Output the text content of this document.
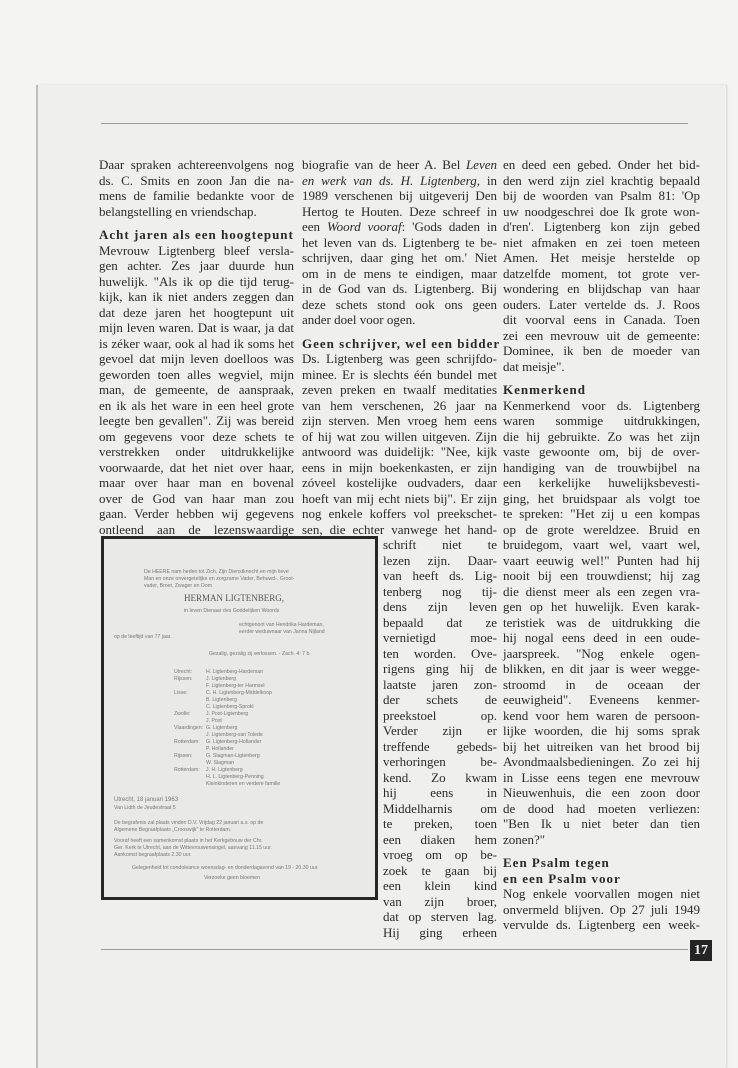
17
Daar spraken achtereenvolgens nog
ds. C. Smits en zoon Jan die na-
mens de familie bedankte voor de
belangstelling en vriendschap.
Acht jaren als een hoogtepunt
Mevrouw Ligtenberg bleef versla-
gen achter. Zes jaar duurde hun
huwelijk. "Als ik op die tijd terug-
kijk, kan ik niet anders zeggen dan
dat deze jaren het hoogtepunt uit
mijn leven waren. Dat is waar, ja dat
is zéker waar, ook al had ik soms het
gevoel dat mijn leven doelloos was
geworden toen alles wegviel, mijn
man, de gemeente, de aanspraak,
en ik als het ware in een heel grote
leegte ben gevallen". Zij was bereid
om gegevens voor deze schets te
verstrekken onder uitdrukkelijke
voorwaarde, dat het niet over haar,
maar over haar man en bovenal
over de God van haar man zou
gaan. Verder hebben wij gegevens
ontleend aan de lezenswaardige
biografie van de heer A. Bel Leven
en werk van ds. H. Ligtenberg, in
1989 verschenen bij uitgeverij Den
Hertog te Houten. Deze schreef in
een Woord vooraf: 'Gods daden in
het leven van ds. Ligtenberg te be-
schrijven, daar ging het om.' Niet
om in de mens te eindigen, maar
in de God van ds. Ligtenberg. Bij
deze schets stond ook ons geen
ander doel voor ogen.
Geen schrijver, wel een bidder
Ds. Ligtenberg was geen schrijfdo-
minee. Er is slechts één bundel met
zeven preken en twaalf meditaties
van hem verschenen, 26 jaar na
zijn sterven. Men vroeg hem eens
of hij wat zou willen uitgeven. Zijn
antwoord was duidelijk: "Nee, kijk
eens in mijn boekenkasten, er zijn
zóveel kostelijke oudvaders, daar
hoeft van mij echt niets bij". Er zijn
nog enkele koffers vol preekschet-
sen, die echter vanwege het hand-
schrift niet te
lezen zijn. Daar-
van heeft ds. Lig-
tenberg nog tij-
dens zijn leven
bepaald dat ze
vernietigd moe-
ten worden. Ove-
rigens ging hij de
laatste jaren zon-
der schets de
preekstoel op.
Verder zijn er
treffende gebeds-
verhoringen be-
kend. Zo kwam
hij eens in
Middelharnis om
te preken, toen
een diaken hem
vroeg om op be-
zoek te gaan bij
een klein kind
van zijn broer,
dat op sterven lag.
Hij ging erheen
en deed een gebed. Onder het bid-
den werd zijn ziel krachtig bepaald
bij de woorden van Psalm 81: 'Op
uw noodgeschrei doe Ik grote won-
d'ren'. Ligtenberg kon zijn gebed
niet afmaken en zei toen meteen
Amen. Het meisje herstelde op
datzelfde moment, tot grote ver-
wondering en blijdschap van haar
ouders. Later vertelde ds. J. Roos
dit voorval eens in Canada. Toen
zei een mevrouw uit de gemeente:
Dominee, ik ben de moeder van
dat meisje".
Kenmerkend
Kenmerkend voor ds. Ligtenberg
waren sommige uitdrukkingen,
die hij gebruikte. Zo was het zijn
vaste gewoonte om, bij de over-
handiging van de trouwbijbel na
een kerkelijke huwelijksbevesti-
ging, het bruidspaar als volgt toe
te spreken: "Het zij u een kompas
op de grote wereldzee. Bruid en
bruidegom, vaart wel, vaart wel,
vaart eeuwig wel!" Punten had hij
nooit bij een trouwdienst; hij zag
die dienst meer als een zegen vra-
gen op het huwelijk. Even karak-
teristiek was de uitdrukking die
hij nogal eens deed in een oude-
jaarspreek. "Nog enkele ogen-
blikken, en dit jaar is weer wegge-
stroomd in de oceaan der
eeuwigheid". Eveneens kenmer-
kend voor hem waren de persoon-
lijke woorden, die hij soms sprak
bij het uitreiken van het brood bij
Avondmaalsbedieningen. Zo zei hij
in Lisse eens tegen ene mevrouw
Nieuwenhuis, die een zoon door
de dood had moeten verliezen:
"Ben Ik u niet beter dan tien
zonen?"
Een Psalm tegen
en een Psalm voor
Nog enkele voorvallen mogen niet
onvermeld blijven. Op 27 juli 1949
vervulde ds. Ligtenberg een week-
De HEERE nam heden tot Zich, Zijn Dienstknecht en mijn lieve
Man en onze onvergetelijke en zorgzame Vader, Behuwd-, Groot-
vader, Broer, Zwager en Oom
HERMAN LIGTENBERG,
in leven Dienaar des Goddelijken Woords
echtgenoot van Hendrika Hardeman,
eerder weduwnaar van Janna Nijland
op de leeftijd van 77 jaar.
Gezalig, gezalig zij verlossen. - Zach. 4: 7 b.
Utrecht:	H. Ligtenberg-Hardeman
Rijssen:	J. Ligtenberg
F. Ligtenberg-ter Harmsel
Lisse:	C. H. Ligtenberg-Middelkoop
B. Ligtenberg
C. Ligtenberg-Sprokl
Zwolle:	J. Post-Ligtenberg
J. Post
Vlaardingen: G. Ligtenberg
J. Ligtenberg-van Tolede
Rotterdam:	G. Ligtenberg-Hollander
P. Hollander
Rijssen:	G. Slagman-Ligtenberg
W. Slagman
Rotterdam:	J. H. Ligtenberg
H. L. Ligtenberg-Penning
Kleinkinderen en verdere familie
Utrecht, 18 januari 1963
Van Lidth de Jeudestraat 5
De begrafenis zal plaats vinden D.V. Vrijdag 22 januari a.s. op de
Algemene Begraafplaats „Crooswijk" te Rotterdam.
Vooraf heeft een samenkomst plaats in het Kerkgebouw der Chr.
Ger. Kerk te Utrecht, aan de Wittevrouwensingel, aanvang 11.15 uur.
Aankomst begraafplaats 2.30 uur.
Gelegenheid tot condoleance woensdag- en donderdagavond van 19 - 20.30 uur.
Verzoeke geen bloemen
